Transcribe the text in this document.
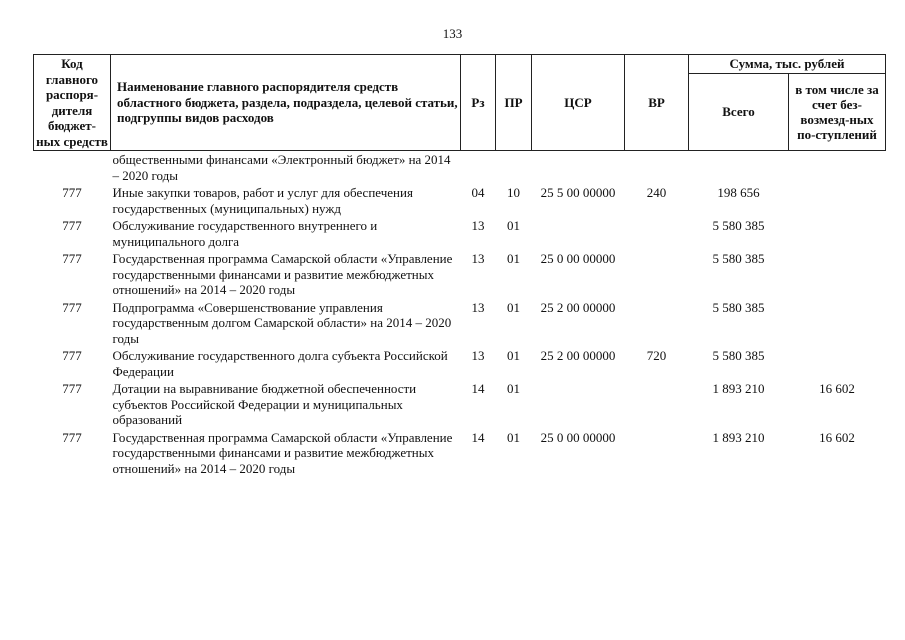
133
Код главного распоря-дителя бюджет-ных средств	Наименование главного распорядителя средств областного бюджета, раздела, подраздела, целевой статьи, подгруппы видов расходов	Рз	ПР	ЦСР	ВР	Сумма, тыс. рублей	
						Всего	в том числе за счет без-возмезд-ных по-ступлений
	общественными финансами «Электронный бюджет» на 2014 – 2020 годы						
777	Иные закупки товаров, работ и услуг для обеспечения государственных (муниципальных) нужд	04	10	25 5 00 00000	240	198 656	
777	Обслуживание государственного внутреннего и муниципального долга	13	01			5 580 385	
777	Государственная программа Самарской области «Управление государственными финансами и развитие межбюджетных отношений» на 2014 – 2020 годы	13	01	25 0 00 00000		5 580 385	
777	Подпрограмма «Совершенствование управления государственным долгом Самарской области» на 2014 – 2020 годы	13	01	25 2 00 00000		5 580 385	
777	Обслуживание государственного долга субъекта Российской Федерации	13	01	25 2 00 00000	720	5 580 385	
777	Дотации на выравнивание бюджетной обеспеченности субъектов Российской Федерации и муниципальных образований	14	01			1 893 210	16 602
777	Государственная программа Самарской области «Управление государственными финансами и развитие межбюджетных отношений» на 2014 – 2020 годы	14	01	25 0 00 00000		1 893 210	16 602
